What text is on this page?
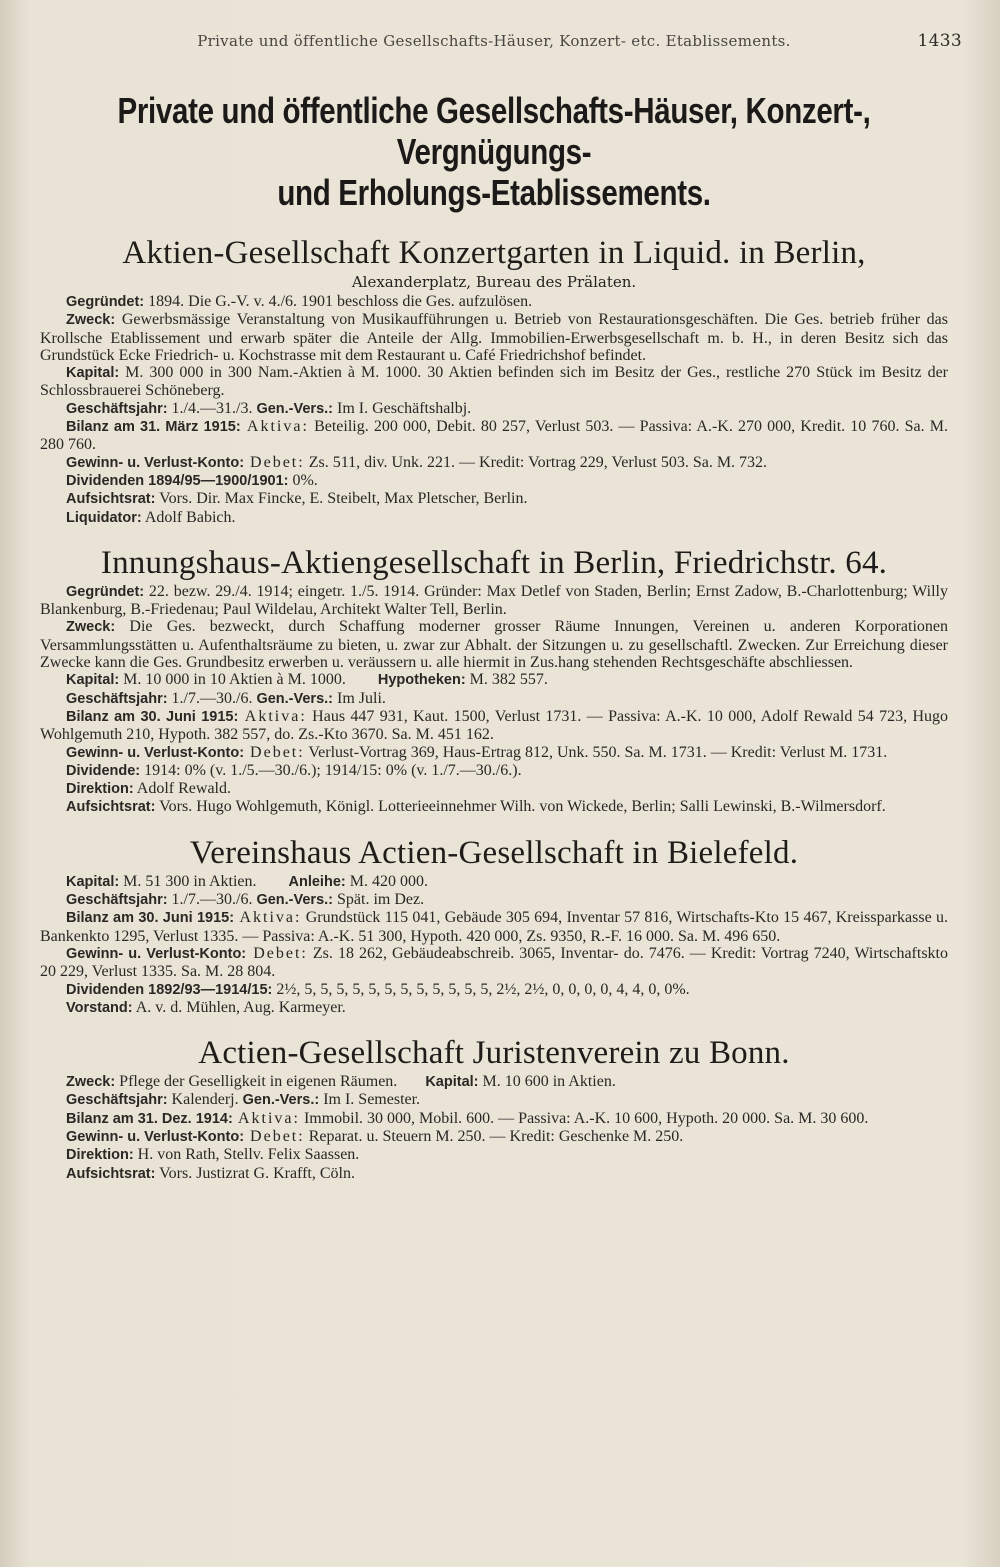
Private und öffentliche Gesellschafts-Häuser, Konzert- etc. Etablissements.	1433
Private und öffentliche Gesellschafts-Häuser, Konzert-, Vergnügungs-
und Erholungs-Etablissements.
Aktien-Gesellschaft Konzertgarten in Liquid. in Berlin,
Alexanderplatz, Bureau des Prälaten.

Gegründet: 1894. Die G.-V. v. 4./6. 1901 beschloss die Ges. aufzulösen.

Zweck: Gewerbsmässige Veranstaltung von Musikaufführungen u. Betrieb von Restaurationsgeschäften. Die Ges. betrieb früher das Krollsche Etablissement und erwarb später die Anteile der Allg. Immobilien-Erwerbsgesellschaft m. b. H., in deren Besitz sich das Grundstück Ecke Friedrich- u. Kochstrasse mit dem Restaurant u. Café Friedrichshof befindet.

Kapital: M. 300 000 in 300 Nam.-Aktien à M. 1000. 30 Aktien befinden sich im Besitz der Ges., restliche 270 Stück im Besitz der Schlossbrauerei Schöneberg.

Geschäftsjahr: 1./4.—31./3. Gen.-Vers.: Im I. Geschäftshalbj.

Bilanz am 31. März 1915: Aktiva: Beteilig. 200 000, Debit. 80 257, Verlust 503. — Passiva: A.-K. 270 000, Kredit. 10 760. Sa. M. 280 760.

Gewinn- u. Verlust-Konto: Debet: Zs. 511, div. Unk. 221. — Kredit: Vortrag 229, Verlust 503. Sa. M. 732.

Dividenden 1894/95—1900/1901: 0%.

Aufsichtsrat: Vors. Dir. Max Fincke, E. Steibelt, Max Pletscher, Berlin.

Liquidator: Adolf Babich.

Innungshaus-Aktiengesellschaft in Berlin, Friedrichstr. 64.

Gegründet: 22. bezw. 29./4. 1914; eingetr. 1./5. 1914. Gründer: Max Detlef von Staden, Berlin; Ernst Zadow, B.-Charlottenburg; Willy Blankenburg, B.-Friedenau; Paul Wildelau, Architekt Walter Tell, Berlin.

Zweck: Die Ges. bezweckt, durch Schaffung moderner grosser Räume Innungen, Vereinen u. anderen Korporationen Versammlungsstätten u. Aufenthaltsräume zu bieten, u. zwar zur Abhalt. der Sitzungen u. zu gesellschaftl. Zwecken. Zur Erreichung dieser Zwecke kann die Ges. Grundbesitz erwerben u. veräussern u. alle hiermit in Zus.hang stehenden Rechtsgeschäfte abschliessen.

Kapital: M. 10 000 in 10 Aktien à M. 1000. Hypotheken: M. 382 557.

Geschäftsjahr: 1./7.—30./6. Gen.-Vers.: Im Juli.

Bilanz am 30. Juni 1915: Aktiva: Haus 447 931, Kaut. 1500, Verlust 1731. — Passiva: A.-K. 10 000, Adolf Rewald 54 723, Hugo Wohlgemuth 210, Hypoth. 382 557, do. Zs.-Kto 3670. Sa. M. 451 162.

Gewinn- u. Verlust-Konto: Debet: Verlust-Vortrag 369, Haus-Ertrag 812, Unk. 550. Sa. M. 1731. — Kredit: Verlust M. 1731.

Dividende: 1914: 0% (v. 1./5.—30./6.); 1914/15: 0% (v. 1./7.—30./6.).

Direktion: Adolf Rewald.

Aufsichtsrat: Vors. Hugo Wohlgemuth, Königl. Lotterieeinnehmer Wilh. von Wickede, Berlin; Salli Lewinski, B.-Wilmersdorf.

Vereinshaus Actien-Gesellschaft in Bielefeld.

Kapital: M. 51 300 in Aktien. Anleihe: M. 420 000.

Geschäftsjahr: 1./7.—30./6. Gen.-Vers.: Spät. im Dez.

Bilanz am 30. Juni 1915: Aktiva: Grundstück 115 041, Gebäude 305 694, Inventar 57 816, Wirtschafts-Kto 15 467, Kreissparkasse u. Bankenkto 1295, Verlust 1335. — Passiva: A.-K. 51 300, Hypoth. 420 000, Zs. 9350, R.-F. 16 000. Sa. M. 496 650.

Gewinn- u. Verlust-Konto: Debet: Zs. 18 262, Gebäudeabschreib. 3065, Inventar- do. 7476. — Kredit: Vortrag 7240, Wirtschaftskto 20 229, Verlust 1335. Sa. M. 28 804.

Dividenden 1892/93—1914/15: 2½, 5, 5, 5, 5, 5, 5, 5, 5, 5, 5, 5, 5, 2½, 2½, 0, 0, 0, 0, 4, 4, 0, 0%.

Vorstand: A. v. d. Mühlen, Aug. Karmeyer.

Actien-Gesellschaft Juristenverein zu Bonn.

Zweck: Pflege der Geselligkeit in eigenen Räumen. Kapital: M. 10 600 in Aktien.

Geschäftsjahr: Kalenderj. Gen.-Vers.: Im I. Semester.

Bilanz am 31. Dez. 1914: Aktiva: Immobil. 30 000, Mobil. 600. — Passiva: A.-K. 10 600, Hypoth. 20 000. Sa. M. 30 600.

Gewinn- u. Verlust-Konto: Debet: Reparat. u. Steuern M. 250. — Kredit: Geschenke M. 250.

Direktion: H. von Rath, Stellv. Felix Saassen.

Aufsichtsrat: Vors. Justizrat G. Krafft, Cöln.
